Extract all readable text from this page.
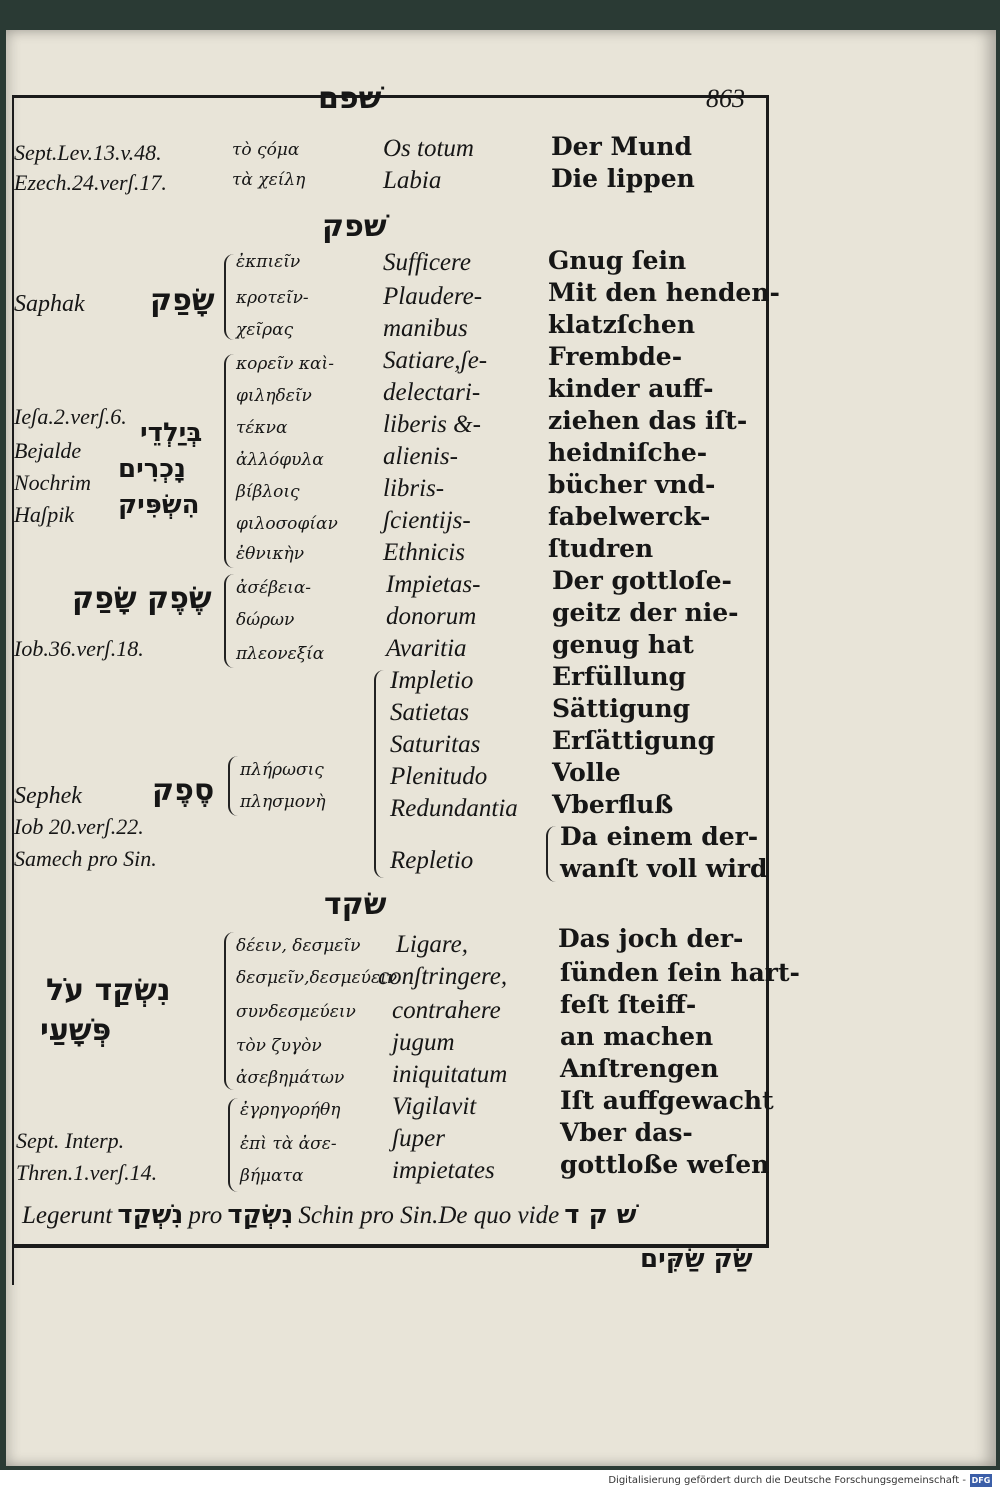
שׁפם	863
Sept.Lev.13.v.48.
Ezech.24.verʃ.17.
τὸ ςόμα
τὰ χείλη
Os totum
Labia
Der Mund
Die lippen
שׁפק
Saphak שָׂפַק
ἐκπιεῖν
κροτεῖν-
χεῖρας
κορεῖν καὶ-
φιληδεῖν
τέκνα
ἀλλόφυλα
βίβλοις
φιλοσοφίαν
ἐθνικὴν
Ieʃa.2.verʃ.6.
Bejalde
Nochrim
Haʃpik
בְּיַלְדֵי
נָכְרִים
הִשְׂפִּיק
שֶׂפֶק שָׂפַק
Iob.36.verʃ.18.
ἀσέβεια-
δώρων
πλεονεξία
Sephek סֶפֶק
Iob 20.verʃ.22.
Samech pro Sin.
πλήρωσις
πλησμονὴ
Sufficere
Plaudere-
manibus
Satiare,ʃe-
delectari-
liberis &-
alienis-
libris-
ʃcientijs-
Ethnicis
Impietas-
donorum
Avaritia
Impletio
Satietas
Saturitas
Plenitudo
Redundantia
Repletio
Gnug ſein
Mit den henden-
klatzſchen
Frembde-
kinder auff-
ziehen das iſt-
heidniſche-
bücher vnd-
fabelwerck-
ſtudren
Der gottloſe-
geitz der nie-
genug hat
Erfüllung
Sättigung
Erſättigung
Volle
Vberfluß
Da einem der-
wanſt voll wird
שׂקד
נִשְׂקַד עֹל
פְּשָׁעַי
δέειν, δεσμεῖν
δεσμεῖν,δεσμεύειν
συνδεσμεύειν
τὸν ζυγὸν
ἀσεβημάτων
ἐγρηγορήθη
ἐπὶ τὰ ἀσε-
βήματα
Sept. Interp.
Thren.1.verʃ.14.
Ligare,
conʃtringere,
contrahere
jugum
iniquitatum
Vigilavit
ʃuper
impietates
Das joch der-
ſünden ſein hart-
feſt ſteiff-
an machen
Anſtrengen
Iſt auffgewacht
Vber das-
gottloße weſen
Legerunt נִשְׁקַד pro נִשְׂקַד Schin pro Sin.De quo vide שׁ ק ד
שַׂק שַׂקִּים
Digitalisierung gefördert durch die Deutsche Forschungsgemeinschaft - DFG
